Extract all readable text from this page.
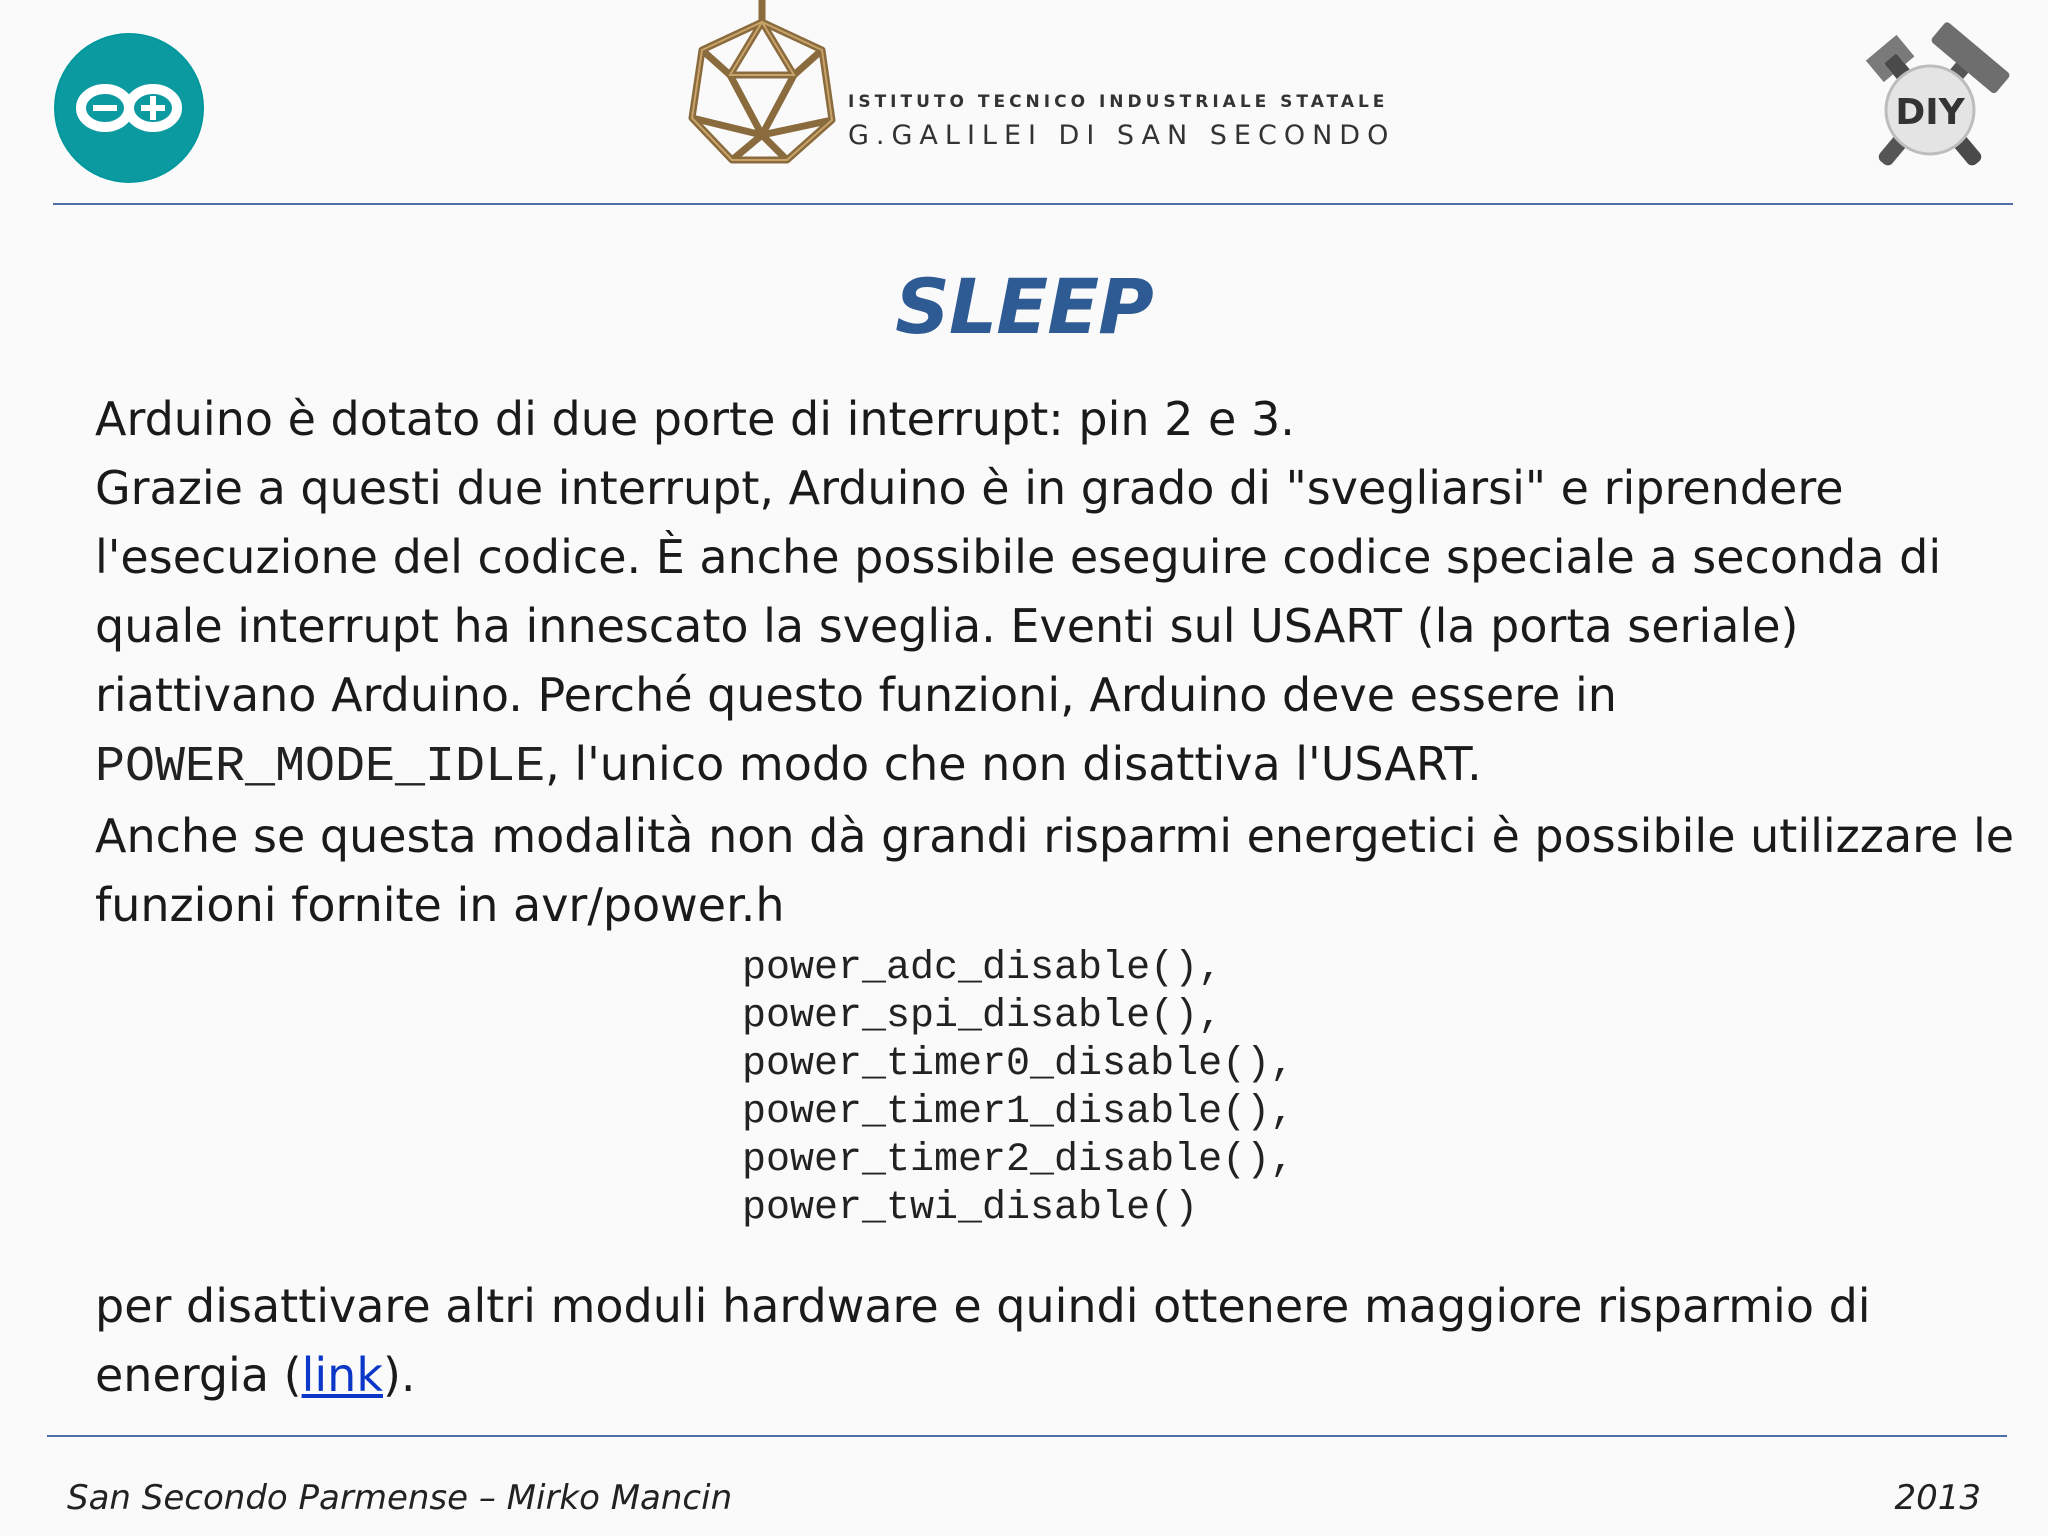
ISTITUTO TECNICO INDUSTRIALE STATALE
G.GALILEI DI SAN SECONDO
DIY
SLEEP

Arduino è dotato di due porte di interrupt: pin 2 e 3.

Grazie a questi due interrupt, Arduino è in grado di "svegliarsi" e riprendere l'esecuzione del codice. È anche possibile eseguire codice speciale a seconda di quale interrupt ha innescato la sveglia. Eventi sul USART (la porta seriale) riattivano Arduino. Perché questo funzioni, Arduino deve essere in
POWER_MODE_IDLE, l'unico modo che non disattiva l'USART.

Anche se questa modalità non dà grandi risparmi energetici è possibile utilizzare le funzioni fornite in avr/power.h

power_adc_disable(),
power_spi_disable(),
power_timer0_disable(),
power_timer1_disable(),
power_timer2_disable(),
power_twi_disable()
per disattivare altri moduli hardware e quindi ottenere maggiore risparmio di energia (link).
San Secondo Parmense – Mirko Mancin	2013
